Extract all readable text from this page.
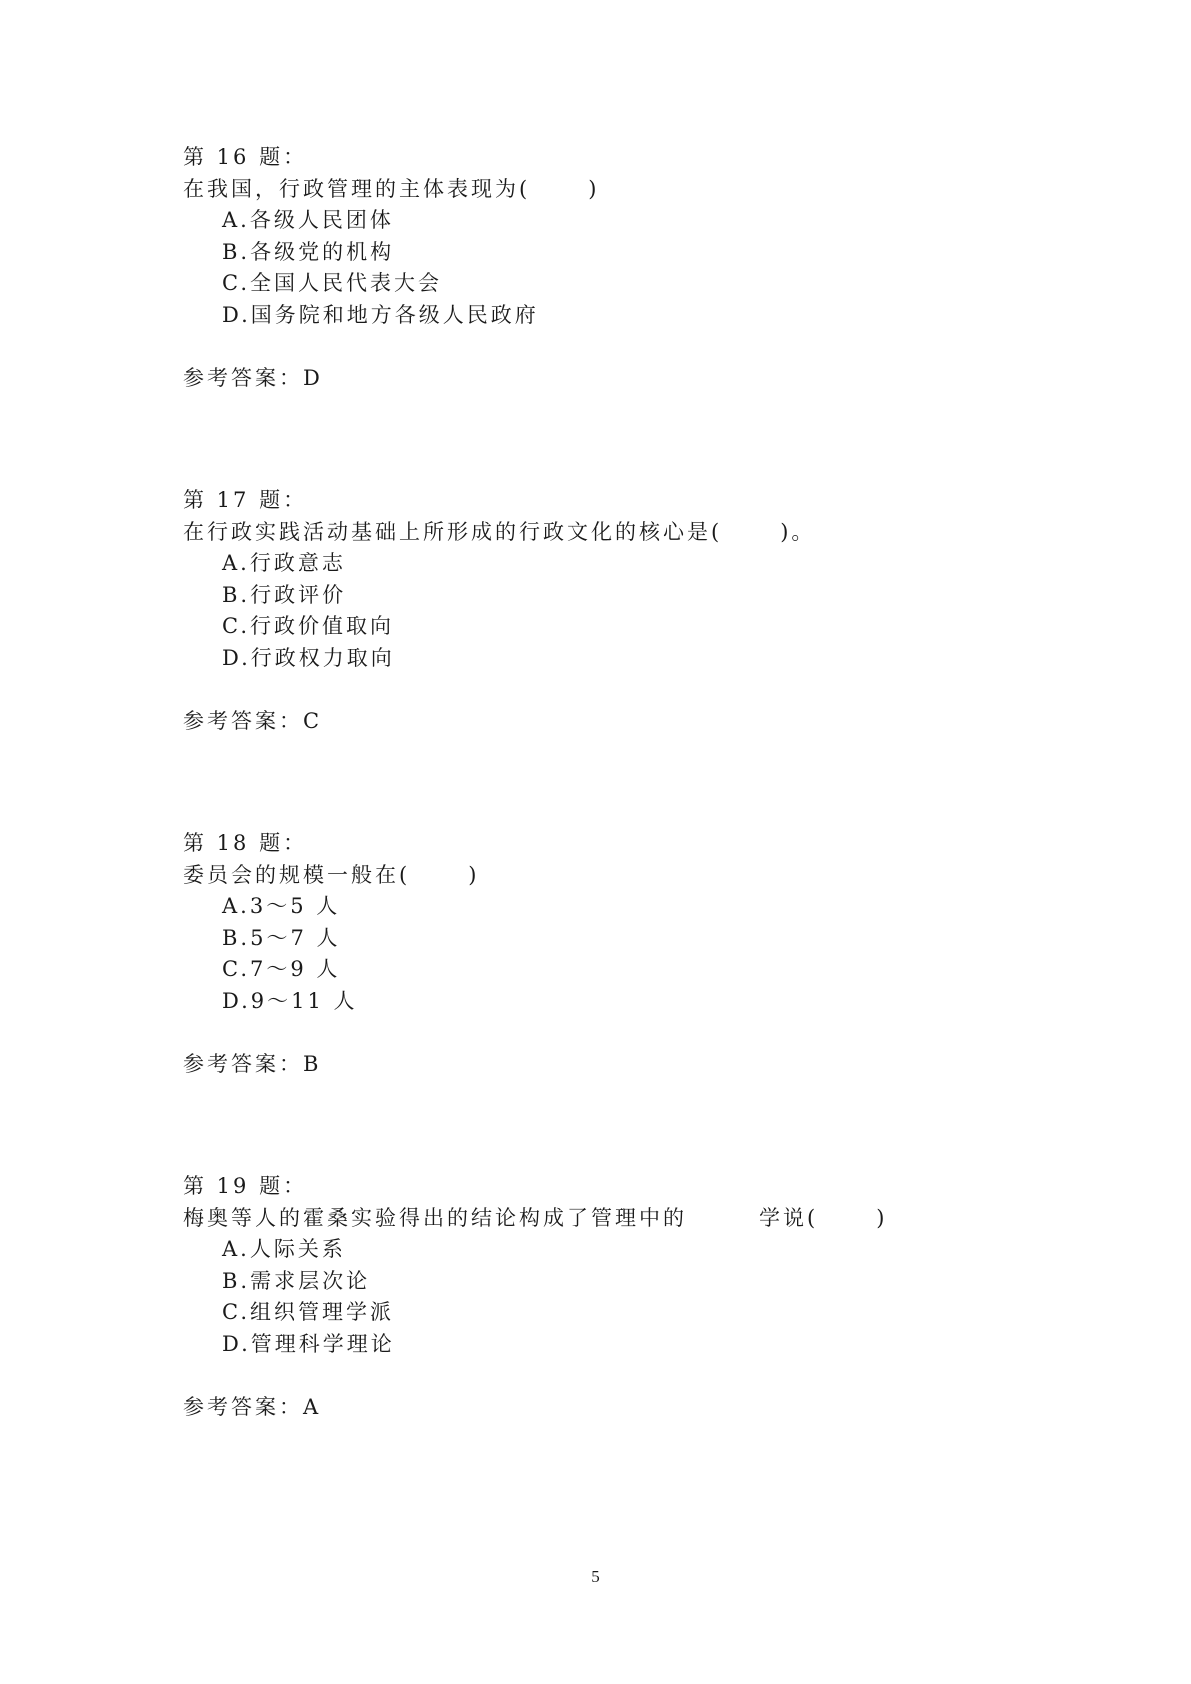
第 16 题：
在我国，行政管理的主体表现为(      )
A.各级人民团体
B.各级党的机构
C.全国人民代表大会
D.国务院和地方各级人民政府
参考答案：D
第 17 题：
在行政实践活动基础上所形成的行政文化的核心是(      )。
A.行政意志
B.行政评价
C.行政价值取向
D.行政权力取向
参考答案：C
第 18 题：
委员会的规模一般在(      )
A.3～5 人
B.5～7 人
C.7～9 人
D.9～11 人
参考答案：B
第 19 题：
梅奥等人的霍桑实验得出的结论构成了管理中的	学说(      )
A.人际关系
B.需求层次论
C.组织管理学派
D.管理科学理论
参考答案：A
5
